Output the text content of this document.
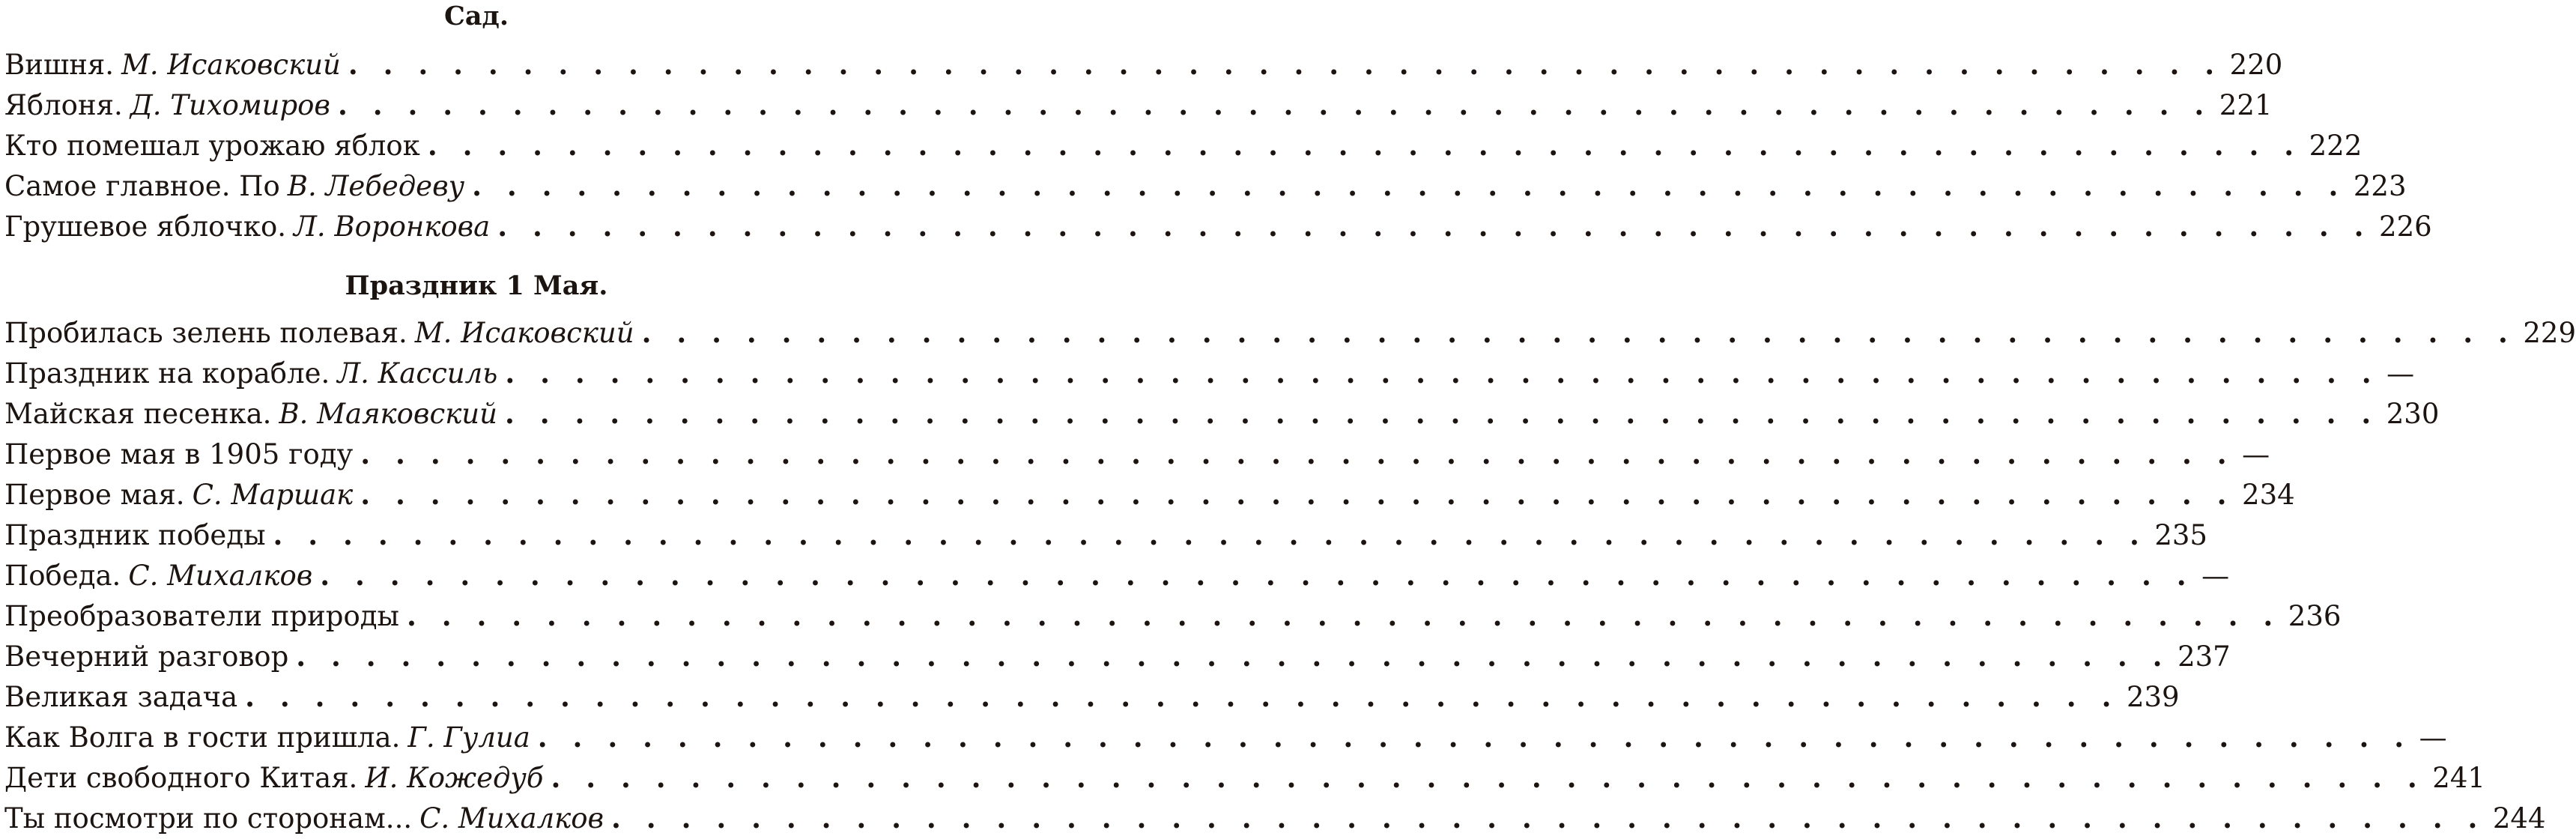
Сад.
Вишня. М. Исаковский . . . . . . . . . . . . . . . . . . . . . . . . . . . . . . . . . . . . . . . . . . . . . . . . . . . . . . 220
Яблоня. Д. Тихомиров . . . . . . . . . . . . . . . . . . . . . . . . . . . . . . . . . . . . . . . . . . . . . . . . . . . . . . 221
Кто помешал урожаю яблок . . . . . . . . . . . . . . . . . . . . . . . . . . . . . . . . . . . . . . . . . . . . . . . . . . . . . . 222
Самое главное. По В. Лебедеву . . . . . . . . . . . . . . . . . . . . . . . . . . . . . . . . . . . . . . . . . . . . . . . . . . . . . . 223
Грушевое яблочко. Л. Воронкова . . . . . . . . . . . . . . . . . . . . . . . . . . . . . . . . . . . . . . . . . . . . . . . . . . . . . . 226
Праздник 1 Мая.
Пробилась зелень полевая. М. Исаковский . . . . . . . . . . . . . . . . . . . . . . . . . . . . . . . . . . . . . . . . . . . . . . . . . . . . . . 229
Праздник на корабле. Л. Кассиль . . . . . . . . . . . . . . . . . . . . . . . . . . . . . . . . . . . . . . . . . . . . . . . . . . . . . . —
Майская песенка. В. Маяковский . . . . . . . . . . . . . . . . . . . . . . . . . . . . . . . . . . . . . . . . . . . . . . . . . . . . . . 230
Первое мая в 1905 году . . . . . . . . . . . . . . . . . . . . . . . . . . . . . . . . . . . . . . . . . . . . . . . . . . . . . . —
Первое мая. С. Маршак . . . . . . . . . . . . . . . . . . . . . . . . . . . . . . . . . . . . . . . . . . . . . . . . . . . . . . 234
Праздник победы . . . . . . . . . . . . . . . . . . . . . . . . . . . . . . . . . . . . . . . . . . . . . . . . . . . . . . 235
Победа. С. Михалков . . . . . . . . . . . . . . . . . . . . . . . . . . . . . . . . . . . . . . . . . . . . . . . . . . . . . . —
Преобразователи природы . . . . . . . . . . . . . . . . . . . . . . . . . . . . . . . . . . . . . . . . . . . . . . . . . . . . . . 236
Вечерний разговор . . . . . . . . . . . . . . . . . . . . . . . . . . . . . . . . . . . . . . . . . . . . . . . . . . . . . . 237
Великая задача . . . . . . . . . . . . . . . . . . . . . . . . . . . . . . . . . . . . . . . . . . . . . . . . . . . . . . 239
Как Волга в гости пришла. Г. Гулиа . . . . . . . . . . . . . . . . . . . . . . . . . . . . . . . . . . . . . . . . . . . . . . . . . . . . . . —
Дети свободного Китая. И. Кожедуб . . . . . . . . . . . . . . . . . . . . . . . . . . . . . . . . . . . . . . . . . . . . . . . . . . . . . . 241
Ты посмотри по сторонам... С. Михалков . . . . . . . . . . . . . . . . . . . . . . . . . . . . . . . . . . . . . . . . . . . . . . . . . . . . . . 244
